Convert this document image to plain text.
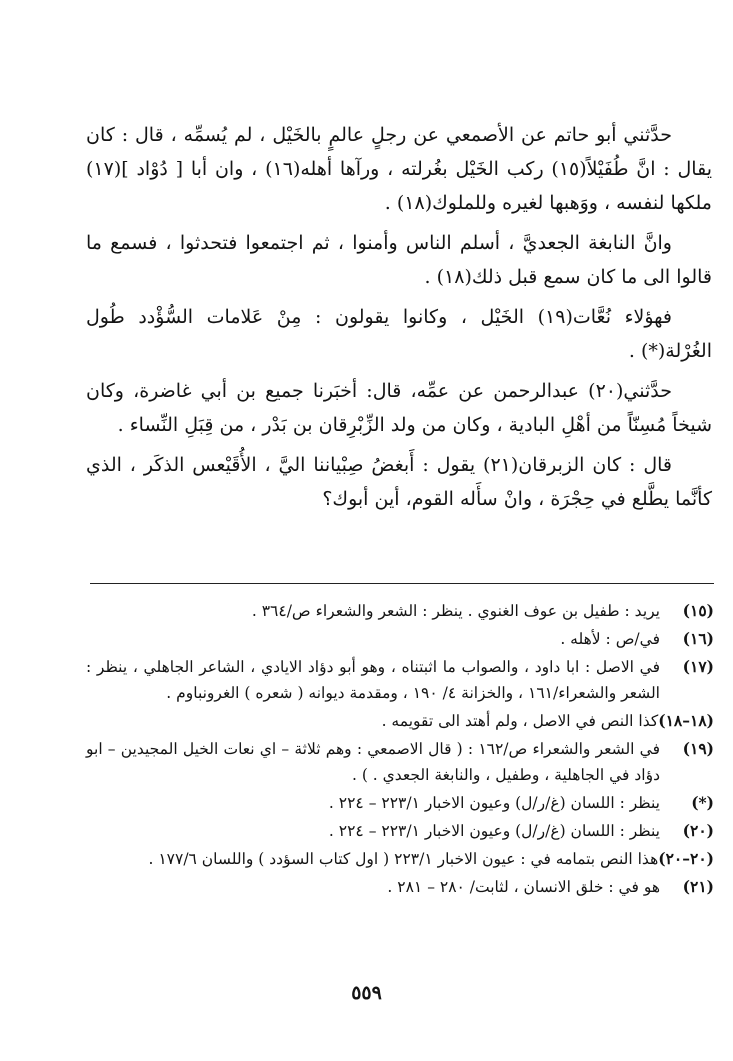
حدَّثني أبو حاتم عن الأصمعي عن رجلٍ عالمٍ بالخَيْل ، لم يُسمِّه ، قال : كان يقال : انَّ طُفَيْلاً(١٥) ركب الخَيْل بغُرلته ، ورآها أهله(١٦) ، وان أبا [ دُوْاد ](١٧) ملكها لنفسه ، ووَهبها لغيره وللملوك(١٨) .

وانَّ النابغة الجعديَّ ، أسلم الناس وأمنوا ، ثم اجتمعوا فتحدثوا ، فسمع ما قالوا الى ما كان سمع قبل ذلك(١٨) .

فهؤلاء نُعَّات(١٩) الخَيْل ، وكانوا يقولون : مِنْ عَلامات السُّؤْدد طُول الغُرْلة(*) .

حدَّثني(٢٠) عبدالرحمن عن عمِّه، قال: أخبَرنا جميع بن أبي غاضرة، وكان شيخاً مُسِنّاً من أهْلِ البادية ، وكان من ولد الزِّبْرِقان بن بَدْر ، من قِبَلِ النِّساء .

قال : كان الزبرقان(٢١) يقول : أَبغضُ صِبْياننا اليَّ ، الأُقَيْعس الذكَر ، الذي كأنَّما يطَّلع في حِجْرَة ، وانْ سأَله القوم، أين أبوك؟

(١٥)
يريد : طفيل بن عوف الغنوي . ينظر : الشعر والشعراء ص/٣٦٤ .
(١٦)
في/ص : لأهله .
(١٧)
في الاصل : ابا داود ، والصواب ما اثبتناه ، وهو أبو دؤاد الايادي ، الشاعر الجاهلي ، ينظر : الشعر والشعراء/١٦١ ، والخزانة ٤/ ١٩٠ ، ومقدمة ديوانه ( شعره ) الغرونباوم .
(١٨–١٨)
كذا النص في الاصل ، ولم أهتد الى تقويمه .
(١٩)
في الشعر والشعراء ص/١٦٢ : ( قال الاصمعي : وهم ثلاثة – اي نعات الخيل المجيدين – ابو دؤاد في الجاهلية ، وطفيل ، والنابغة الجعدي . ) .
(*)
ينظر : اللسان (غ/ر/ل) وعيون الاخبار ٢٢٣/١ – ٢٢٤ .
(٢٠)
ينظر : اللسان (غ/ر/ل) وعيون الاخبار ٢٢٣/١ – ٢٢٤ .
(٢٠–٢٠)
هذا النص بتمامه في : عيون الاخبار ٢٢٣/١ ( اول كتاب السؤدد ) واللسان ١٧٧/٦ .
(٢١)
هو في : خلق الانسان ، لثابت/ ٢٨٠ – ٢٨١ .
٥٥٩
